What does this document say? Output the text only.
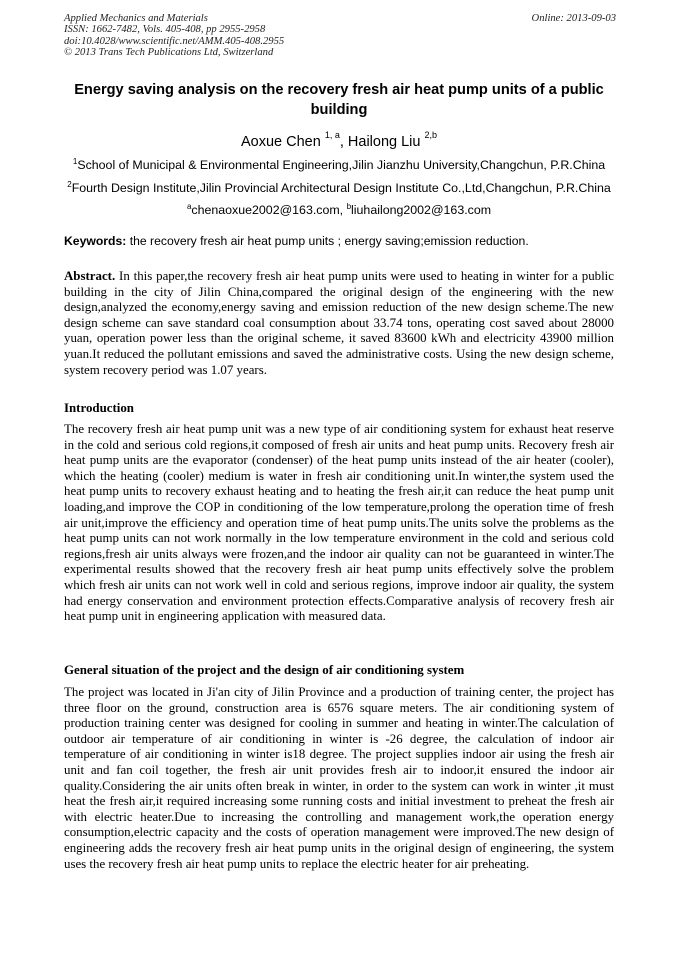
Applied Mechanics and Materials
ISSN: 1662-7482, Vols. 405-408, pp 2955-2958
doi:10.4028/www.scientific.net/AMM.405-408.2955
© 2013 Trans Tech Publications Ltd, Switzerland
Online: 2013-09-03
Energy saving analysis on the recovery fresh air heat pump units of a public building
Aoxue Chen $^{1, a}$, Hailong Liu $^{2,b}$
$^1$School of Municipal & Environmental Engineering,Jilin Jianzhu University,Changchun, P.R.China
$^2$Fourth Design Institute,Jilin Provincial Architectural Design Institute Co.,Ltd,Changchun, P.R.China
$^a$chenaoxue2002@163.com, $^b$liuhailong2002@163.com
Keywords: the recovery fresh air heat pump units ; energy saving;emission reduction.
Abstract. In this paper,the recovery fresh air heat pump units were used to heating in winter for a public building in the city of Jilin China,compared the original design of the engineering with the new design,analyzed the economy,energy saving and emission reduction of the new design scheme.The new design scheme can save standard coal consumption about 33.74 tons, operating cost saved about 28000 yuan, operation power less than the original scheme, it saved 83600 kWh and electricity 43900 million yuan.It reduced the pollutant emissions and saved the administrative costs. Using the new design scheme, system recovery period was 1.07 years.
Introduction
The recovery fresh air heat pump unit was a new type of air conditioning system for exhaust heat reserve in the cold and serious cold regions,it composed of fresh air units and heat pump units. Recovery fresh air heat pump units are the evaporator (condenser) of the heat pump units instead of the air heater (cooler), which the heating (cooler) medium is water in fresh air conditioning unit.In winter,the system used the heat pump units to recovery exhaust heating and to heating the fresh air,it can reduce the heat pump unit loading,and improve the COP in conditioning of the low temperature,prolong the operation time of fresh air unit,improve the efficiency and operation time of heat pump units.The units solve the problems as the heat pump units can not work normally in the low temperature environment in the cold and serious cold regions,fresh air units always were frozen,and the indoor air quality can not be guaranteed in winter.The experimental results showed that the recovery fresh air heat pump units effectively solve the problem which fresh air units can not work well in cold and serious regions, improve indoor air quality, the system had energy conservation and environment protection effects.Comparative analysis of recovery fresh air heat pump unit in engineering application with measured data.
General situation of the project and the design of air conditioning system
The project was located in Ji'an city of Jilin Province and a production of training center, the project has three floor on the ground, construction area is 6576 square meters. The air conditioning system of production training center was designed for cooling in summer and heating in winter.The calculation of outdoor air temperature of air conditioning in winter is -26 degree, the calculation of indoor air temperature of air conditioning in winter is18 degree. The project supplies indoor air using the fresh air unit and fan coil together, the fresh air unit provides fresh air to indoor,it ensured the indoor air quality.Considering the air units often break in winter, in order to the system can work in winter ,it must heat the fresh air,it required increasing some running costs and initial investment to preheat the fresh air with electric heater.Due to increasing the controlling and management work,the operation energy consumption,electric capacity and the costs of operation management were improved.The new design of engineering adds the recovery fresh air heat pump units in the original design of engineering, the system uses the recovery fresh air heat pump units to replace the electric heater for air preheating.
